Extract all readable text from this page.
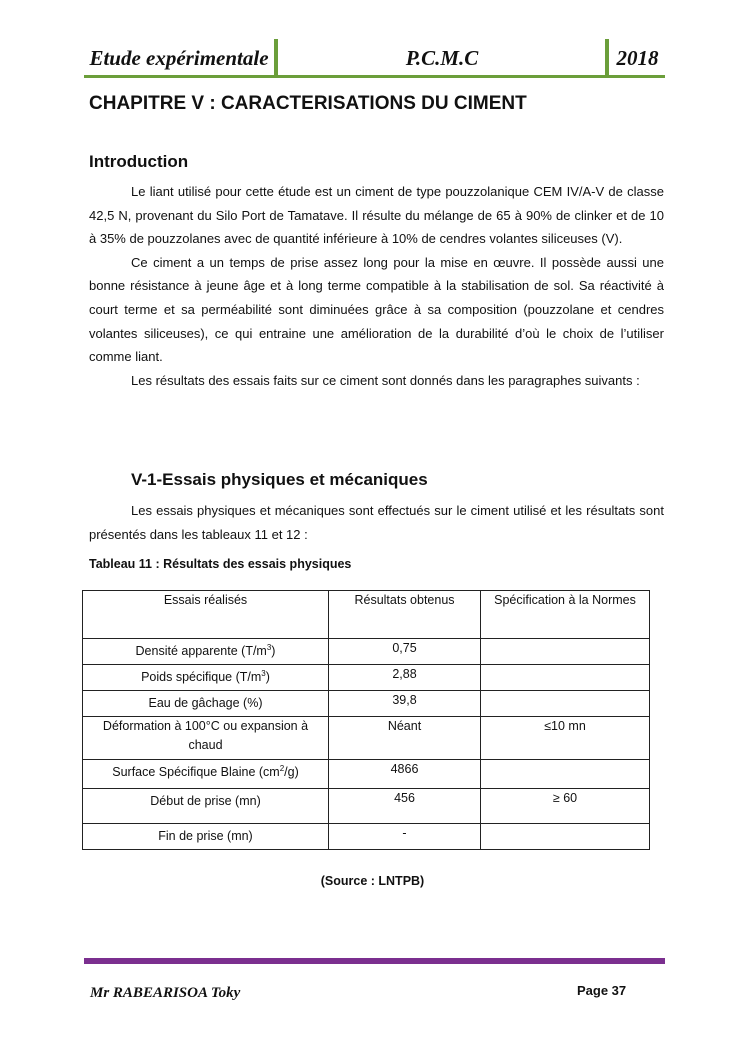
Etude expérimentale	P.C.M.C	2018
CHAPITRE V : CARACTERISATIONS DU CIMENT
Introduction

Le liant utilisé pour cette étude est un ciment de type pouzzolanique CEM IV/A-V de classe 42,5 N, provenant du Silo Port de Tamatave. Il résulte du mélange de 65 à 90% de clinker et de 10 à 35% de pouzzolanes avec de quantité inférieure à 10% de cendres volantes siliceuses (V).

Ce ciment a un temps de prise assez long pour la mise en œuvre. Il possède aussi une bonne résistance à jeune âge et à long terme compatible à la stabilisation de sol. Sa réactivité à court terme et sa perméabilité sont diminuées grâce à sa composition (pouzzolane et cendres volantes siliceuses), ce qui entraine une amélioration de la durabilité d’où le choix de l’utiliser comme liant.

Les résultats des essais faits sur ce ciment sont donnés dans les paragraphes suivants :

V-1-Essais physiques et mécaniques

Les essais physiques et mécaniques sont effectués sur le ciment utilisé et les résultats sont présentés dans les tableaux 11 et 12 :

Tableau 11 : Résultats des essais physiques
Essais réalisés	Résultats obtenus	Spécification à la Normes
Densité apparente $(T/m^3)$	0,75	
Poids spécifique $(T/m^3)$	2,88	
Eau de gâchage (%)	39,8	
Déformation à 100°C ou expansion à chaud	Néant	≤10 mn
Surface Spécifique Blaine $(cm^2/g)$	4866	
Début de prise (mn)	456	≥ 60
Fin de prise (mn)	-	
(Source : LNTPB)
Mr RABEARISOA Toky	Page 37
